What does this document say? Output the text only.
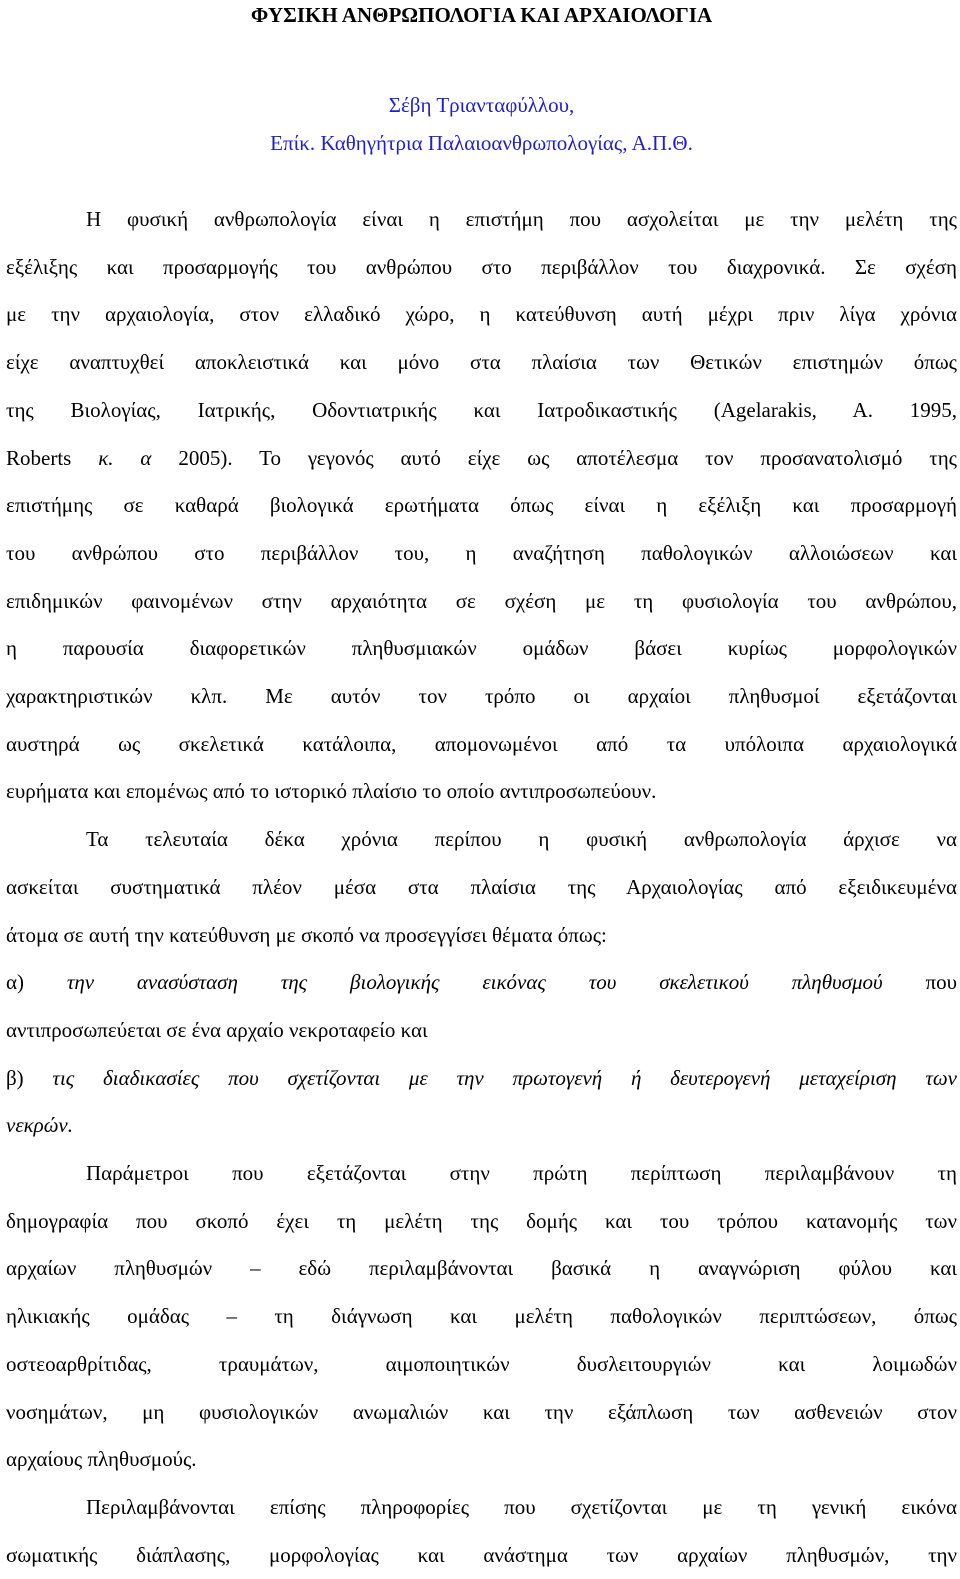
ΦΥΣΙΚΗ ΑΝΘΡΩΠΟΛΟΓΙΑ ΚΑΙ ΑΡΧΑΙΟΛΟΓΙΑ
Σέβη Τριανταφύλλου,
Επίκ. Καθηγήτρια Παλαιοανθρωπολογίας, Α.Π.Θ.
Η φυσική ανθρωπολογία είναι η επιστήμη που ασχολείται με την μελέτη της
εξέλιξης και προσαρμογής του ανθρώπου στο περιβάλλον του διαχρονικά. Σε σχέση
με την αρχαιολογία, στον ελλαδικό χώρο, η κατεύθυνση αυτή μέχρι πριν λίγα χρόνια
είχε αναπτυχθεί αποκλειστικά και μόνο στα πλαίσια των Θετικών επιστημών όπως
της Βιολογίας, Ιατρικής, Οδοντιατρικής και Ιατροδικαστικής (Agelarakis, A. 1995,
Roberts κ. α 2005). Το γεγονός αυτό είχε ως αποτέλεσμα τον προσανατολισμό της
επιστήμης σε καθαρά βιολογικά ερωτήματα όπως είναι η εξέλιξη και προσαρμογή
του ανθρώπου στο περιβάλλον του, η αναζήτηση παθολογικών αλλοιώσεων και
επιδημικών φαινομένων στην αρχαιότητα σε σχέση με τη φυσιολογία του ανθρώπου,
η παρουσία διαφορετικών πληθυσμιακών ομάδων βάσει κυρίως μορφολογικών
χαρακτηριστικών κλπ. Με αυτόν τον τρόπο οι αρχαίοι πληθυσμοί εξετάζονται
αυστηρά ως σκελετικά κατάλοιπα, απομονωμένοι από τα υπόλοιπα αρχαιολογικά
ευρήματα και επομένως από το ιστορικό πλαίσιο το οποίο αντιπροσωπεύουν.
Τα τελευταία δέκα χρόνια περίπου η φυσική ανθρωπολογία άρχισε να
ασκείται συστηματικά πλέον μέσα στα πλαίσια της Αρχαιολογίας από εξειδικευμένα
άτομα σε αυτή την κατεύθυνση με σκοπό να προσεγγίσει θέματα όπως:
α) την ανασύσταση της βιολογικής εικόνας του σκελετικού πληθυσμού που
αντιπροσωπεύεται σε ένα αρχαίο νεκροταφείο και
β) τις διαδικασίες που σχετίζονται με την πρωτογενή ή δευτερογενή μεταχείριση των
νεκρών.
Παράμετροι που εξετάζονται στην πρώτη περίπτωση περιλαμβάνουν τη
δημογραφία που σκοπό έχει τη μελέτη της δομής και του τρόπου κατανομής των
αρχαίων πληθυσμών – εδώ περιλαμβάνονται βασικά η αναγνώριση φύλου και
ηλικιακής ομάδας – τη διάγνωση και μελέτη παθολογικών περιπτώσεων, όπως
οστεοαρθρίτιδας, τραυμάτων, αιμοποιητικών δυσλειτουργιών και λοιμωδών
νοσημάτων, μη φυσιολογικών ανωμαλιών και την εξάπλωση των ασθενειών στον
αρχαίους πληθυσμούς.
Περιλαμβάνονται επίσης πληροφορίες που σχετίζονται με τη γενική εικόνα
σωματικής διάπλασης, μορφολογίας και ανάστημα των αρχαίων πληθυσμών, την
